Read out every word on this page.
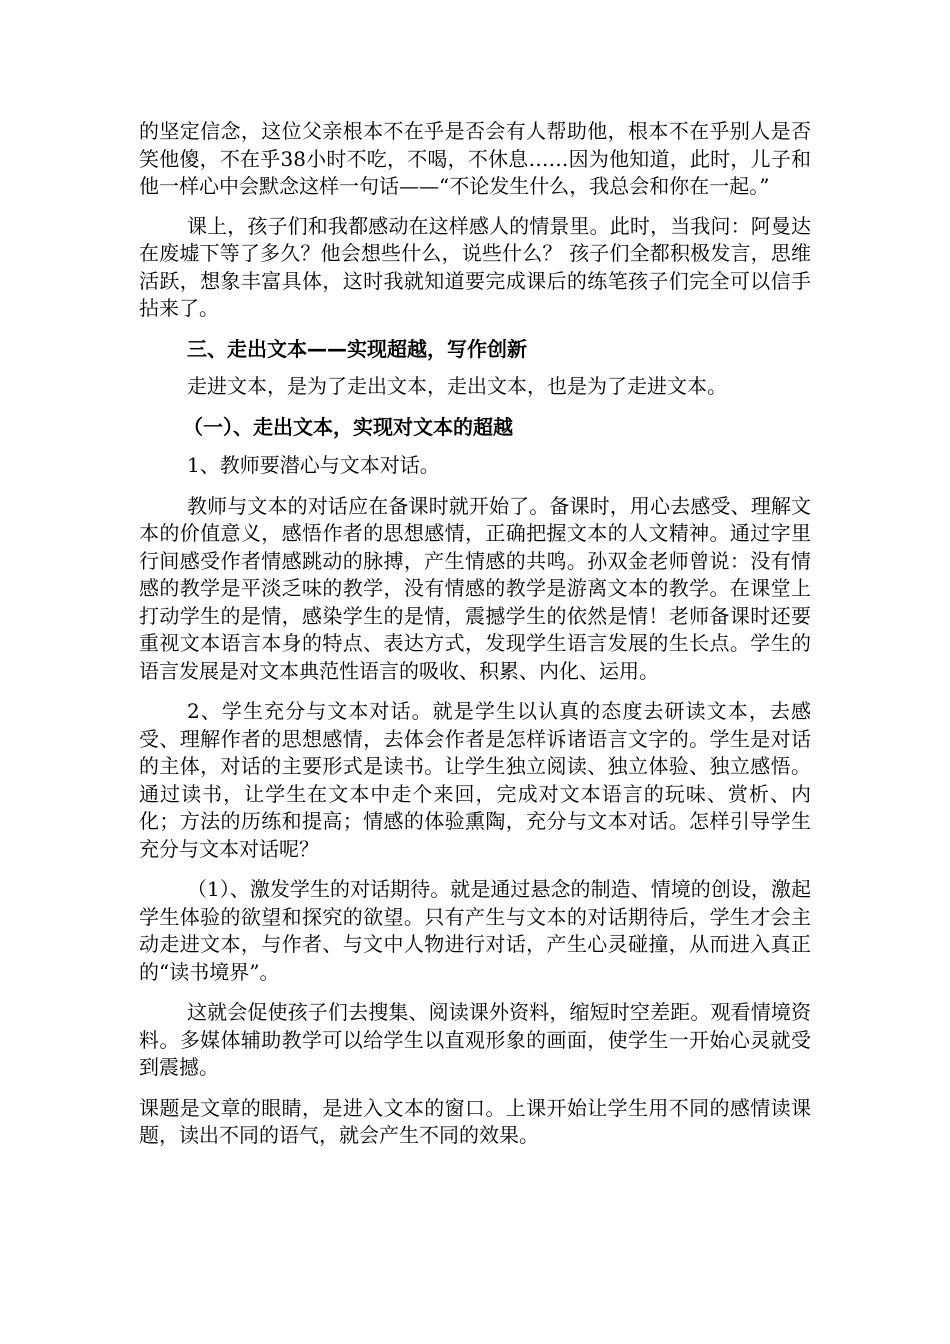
的坚定信念，这位父亲根本不在乎是否会有人帮助他，根本不在乎别人是否笑他傻，不在乎38小时不吃，不喝，不休息……因为他知道，此时，儿子和他一样心中会默念这样一句话——“不论发生什么，我总会和你在一起。”

课上，孩子们和我都感动在这样感人的情景里。此时，当我问：阿曼达在废墟下等了多久？他会想些什么，说些什么？ 孩子们全都积极发言，思维活跃，想象丰富具体，这时我就知道要完成课后的练笔孩子们完全可以信手拈来了。

三、走出文本——实现超越，写作创新

走进文本，是为了走出文本，走出文本，也是为了走进文本。

（一）、走出文本，实现对文本的超越

1、教师要潜心与文本对话。

教师与文本的对话应在备课时就开始了。备课时，用心去感受、理解文本的价值意义，感悟作者的思想感情，正确把握文本的人文精神。通过字里行间感受作者情感跳动的脉搏，产生情感的共鸣。孙双金老师曾说：没有情感的教学是平淡乏味的教学，没有情感的教学是游离文本的教学。在课堂上打动学生的是情，感染学生的是情，震撼学生的依然是情！老师备课时还要重视文本语言本身的特点、表达方式，发现学生语言发展的生长点。学生的语言发展是对文本典范性语言的吸收、积累、内化、运用。

2、学生充分与文本对话。就是学生以认真的态度去研读文本，去感受、理解作者的思想感情，去体会作者是怎样诉诸语言文字的。学生是对话的主体，对话的主要形式是读书。让学生独立阅读、独立体验、独立感悟。通过读书，让学生在文本中走个来回，完成对文本语言的玩味、赏析、内化；方法的历练和提高；情感的体验熏陶，充分与文本对话。怎样引导学生充分与文本对话呢？

（1）、激发学生的对话期待。就是通过悬念的制造、情境的创设，激起学生体验的欲望和探究的欲望。只有产生与文本的对话期待后，学生才会主动走进文本，与作者、与文中人物进行对话，产生心灵碰撞，从而进入真正的“读书境界”。

这就会促使孩子们去搜集、阅读课外资料，缩短时空差距。观看情境资料。多媒体辅助教学可以给学生以直观形象的画面，使学生一开始心灵就受到震撼。

课题是文章的眼睛，是进入文本的窗口。上课开始让学生用不同的感情读课题，读出不同的语气，就会产生不同的效果。
